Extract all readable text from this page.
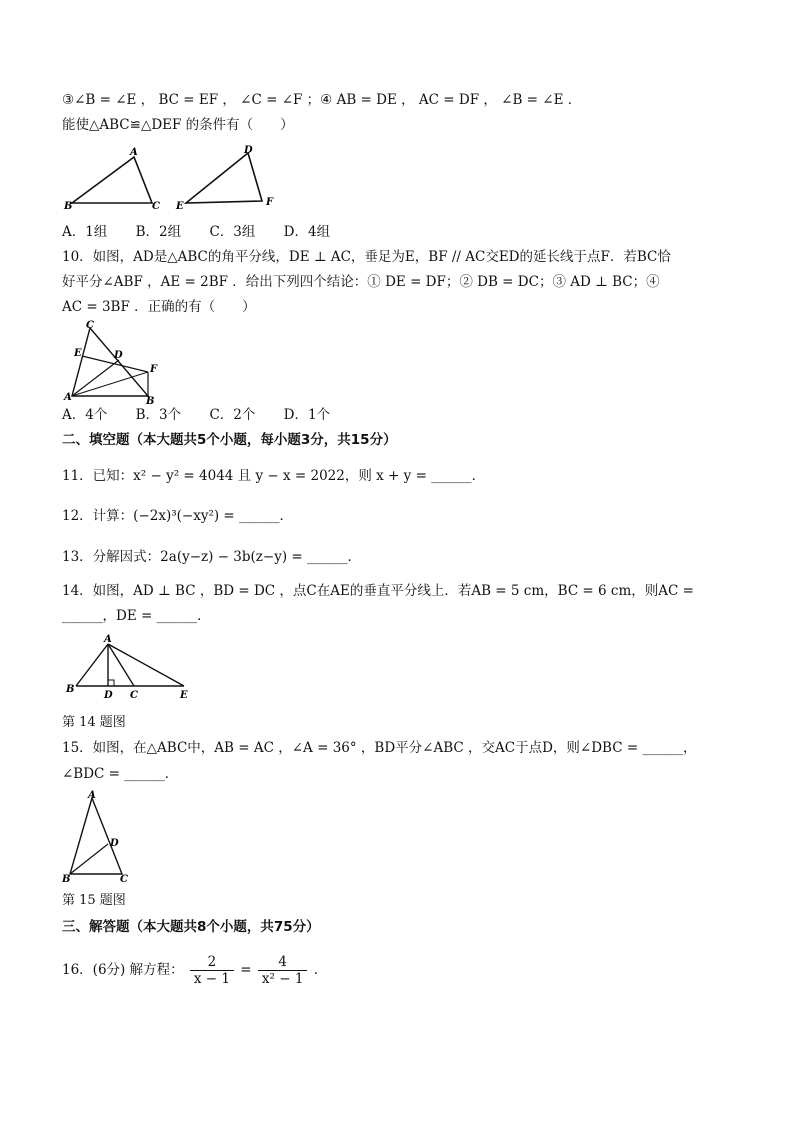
③∠B = ∠E ， BC = EF ， ∠C = ∠F ；④ AB = DE ， AC = DF ， ∠B = ∠E ．
能使△ABC≌△DEF 的条件有（　　）
A
B	C
D
E	F
A．1组 B．2组 C．3组 D．4组
10．如图，AD是△ABC的角平分线，DE ⊥ AC，垂足为E，BF // AC交ED的延长线于点F．若BC恰
好平分∠ABF ，AE = 2BF ．给出下列四个结论：① DE = DF；② DB = DC；③ AD ⊥ BC；④
AC = 3BF ．正确的有（　　）
C
E	D
F
A	B
A．4个 B．3个 C．2个 D．1个
二、填空题（本大题共5个小题，每小题3分，共15分）
11．已知：x² − y² = 4044 且 y − x = 2022，则 x + y = ______．
12．计算：(−2x)³(−xy²) = ______．
13．分解因式：2a(y−z) − 3b(z−y) = ______．
14．如图，AD ⊥ BC ，BD = DC ，点C在AE的垂直平分线上．若AB = 5 cm，BC = 6 cm，则AC =
______，DE = ______．
A
B
D C	E
第 14 题图
15．如图，在△ABC中，AB = AC ，∠A = 36° ，BD平分∠ABC ，交AC于点D，则∠DBC = ______，
∠BDC = ______．
A
D
B	C
第 15 题图
三、解答题（本大题共8个小题，共75分）
16．(6分) 解方程： $\frac{2}{x - 1} = \frac{4}{\text{x² − 1}}$ ．
